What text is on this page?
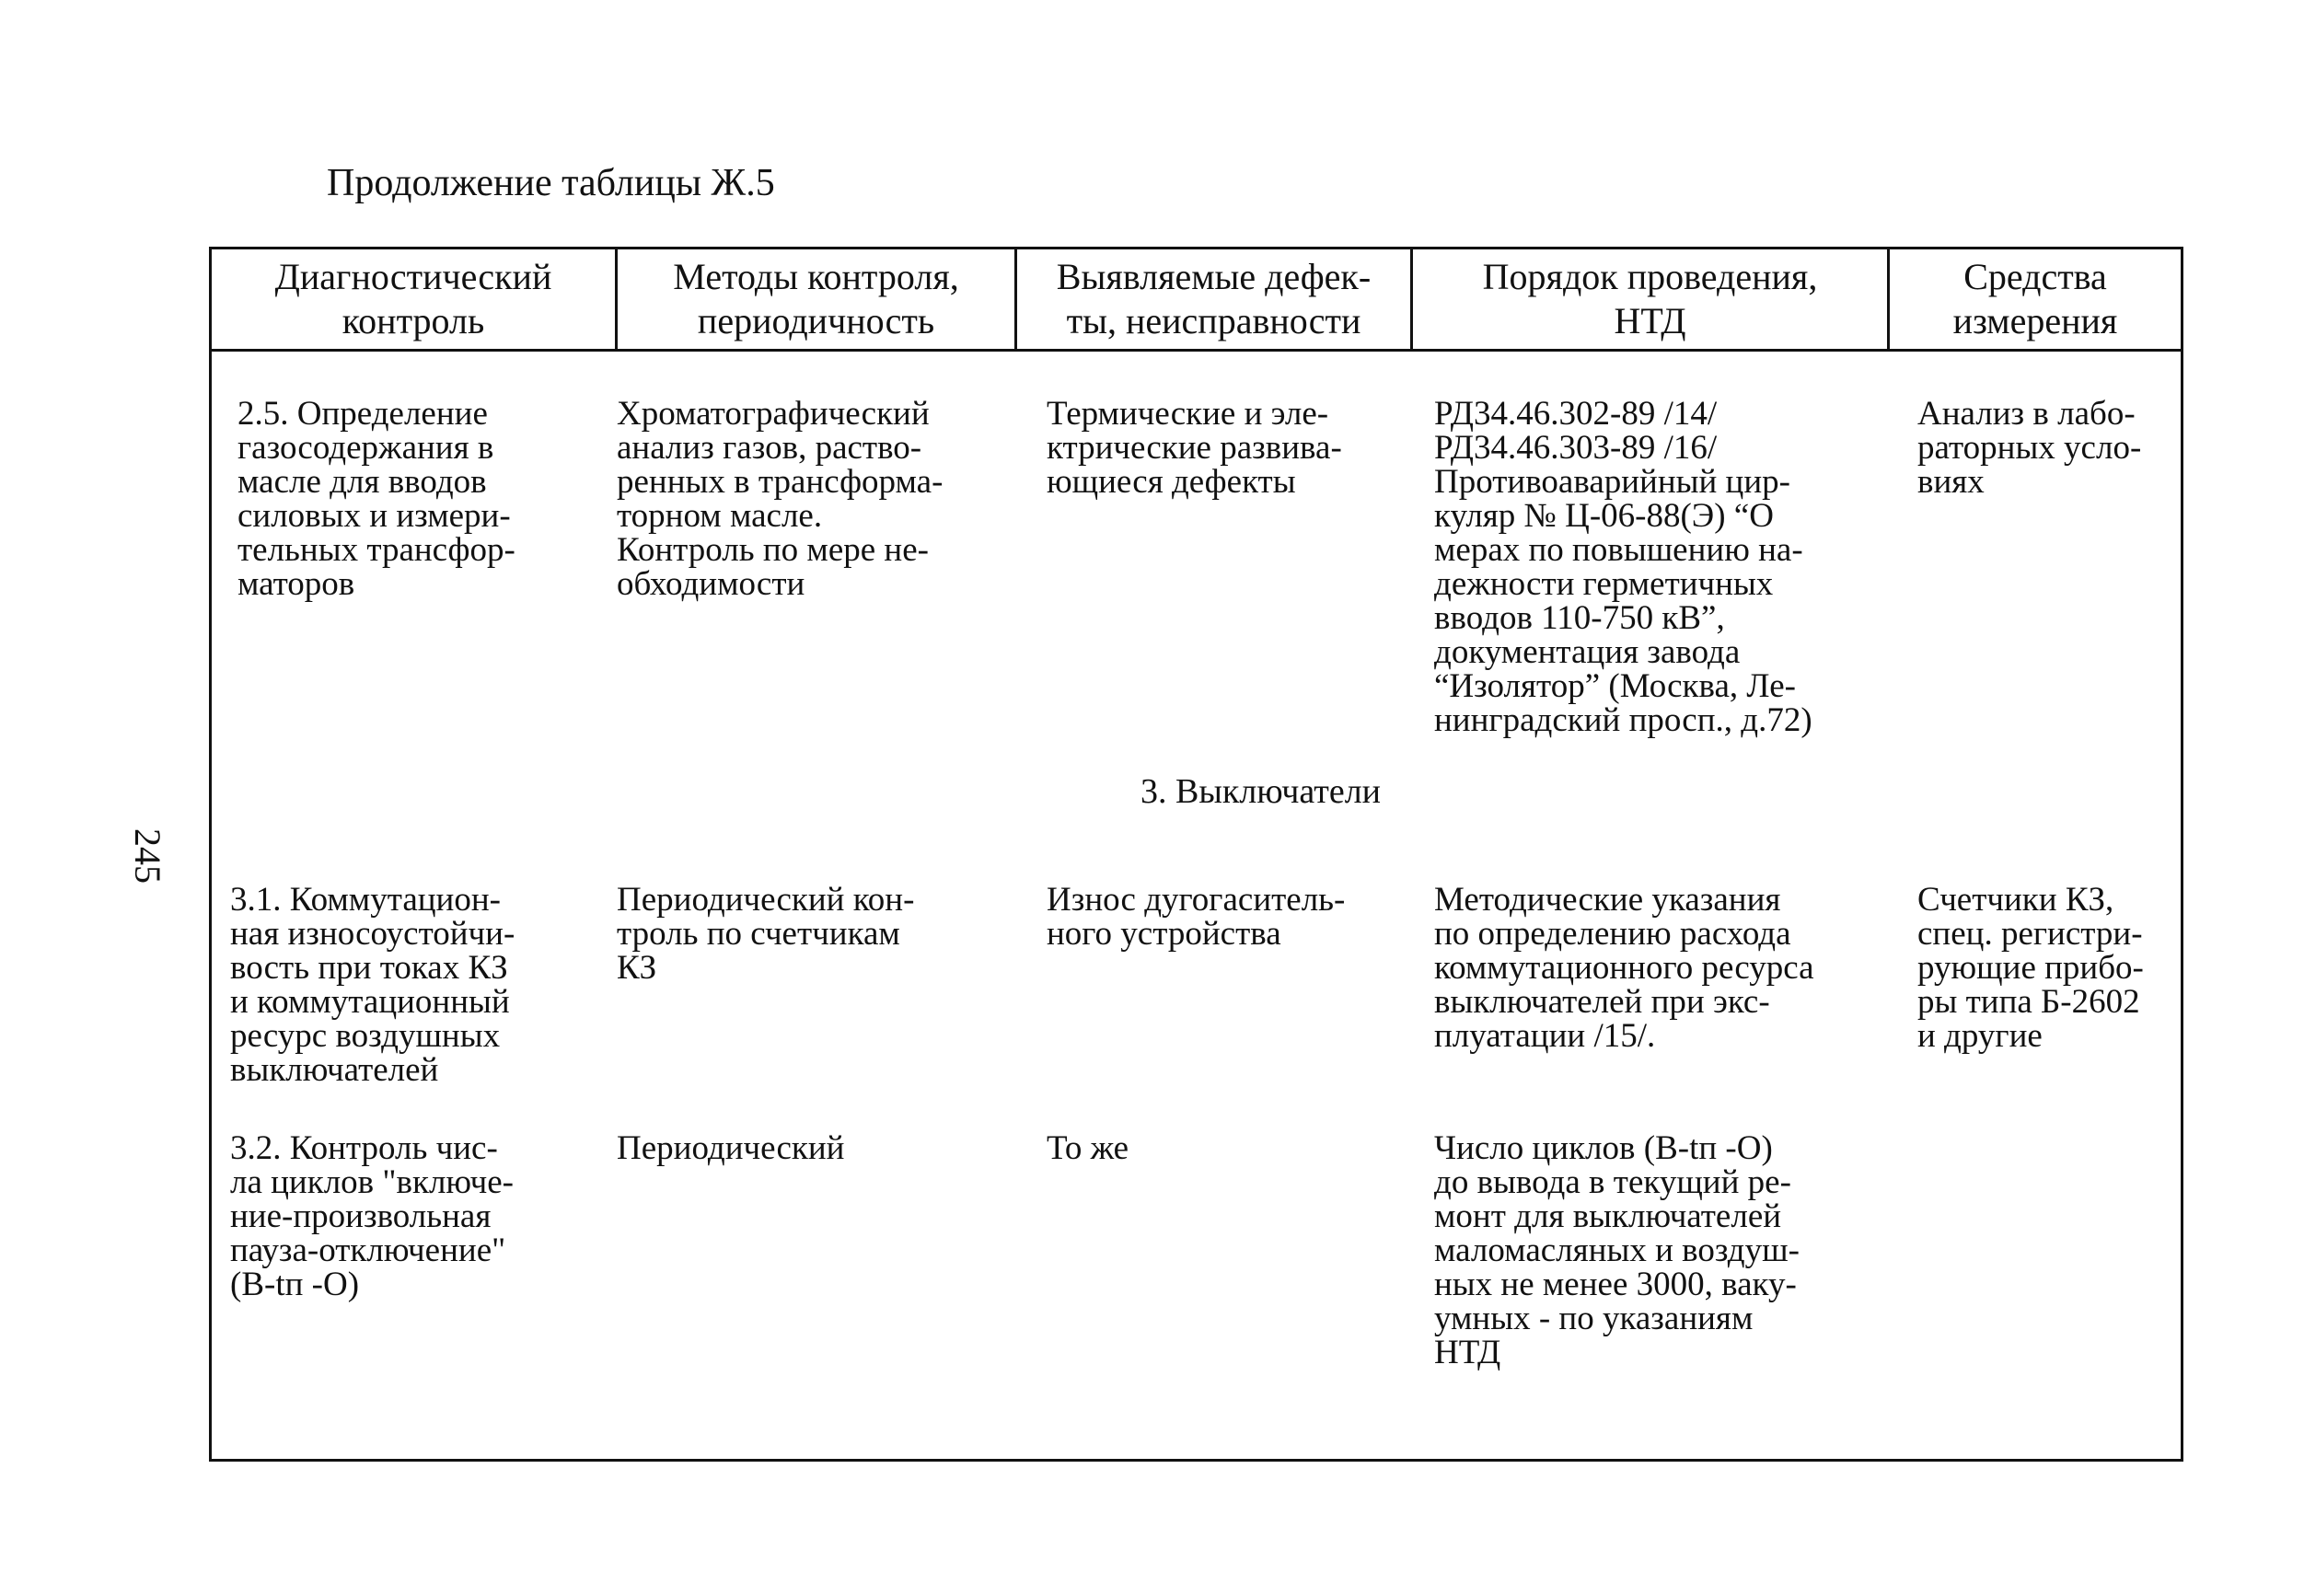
Продолжение таблицы Ж.5
245
Диагностический
контроль
Методы контроля,
периодичность
Выявляемые дефек-
ты, неисправности
Порядок проведения,
НТД
Средства
измерения
2.5. Определение
газосодержания в
масле для вводов
силовых и измери-
тельных трансфор-
маторов
Хроматографический
анализ газов, раство-
ренных в трансформа-
торном масле.
Контроль по мере не-
обходимости
Термические и эле-
ктрические развива-
ющиеся дефекты
РД34.46.302-89 /14/
РД34.46.303-89 /16/
Противоаварийный цир-
куляр № Ц-06-88(Э) “О
мерах по повышению на-
дежности герметичных
вводов 110-750 кВ”,
документация завода
“Изолятор” (Москва, Ле-
нинградский просп., д.72)
Анализ в лабо-
раторных усло-
виях
3. Выключатели
3.1. Коммутацион-
ная износоустойчи-
вость при токах КЗ
и коммутационный
ресурс воздушных
выключателей
Периодический кон-
троль по счетчикам
КЗ
Износ дугогаситель-
ного устройства
Методические указания
по определению расхода
коммутационного ресурса
выключателей при экс-
плуатации /15/.
Счетчики КЗ,
спец. регистри-
рующие прибо-
ры типа Б-2602
и другие
3.2. Контроль чис-
ла циклов "включе-
ние-произвольная
пауза-отключение"
(В-tп -О)
Периодический	То же	Число циклов (В-tп -О)
до вывода в текущий ре-
монт для выключателей
маломасляных и воздуш-
ных не менее 3000, ваку-
умных - по указаниям
НТД
